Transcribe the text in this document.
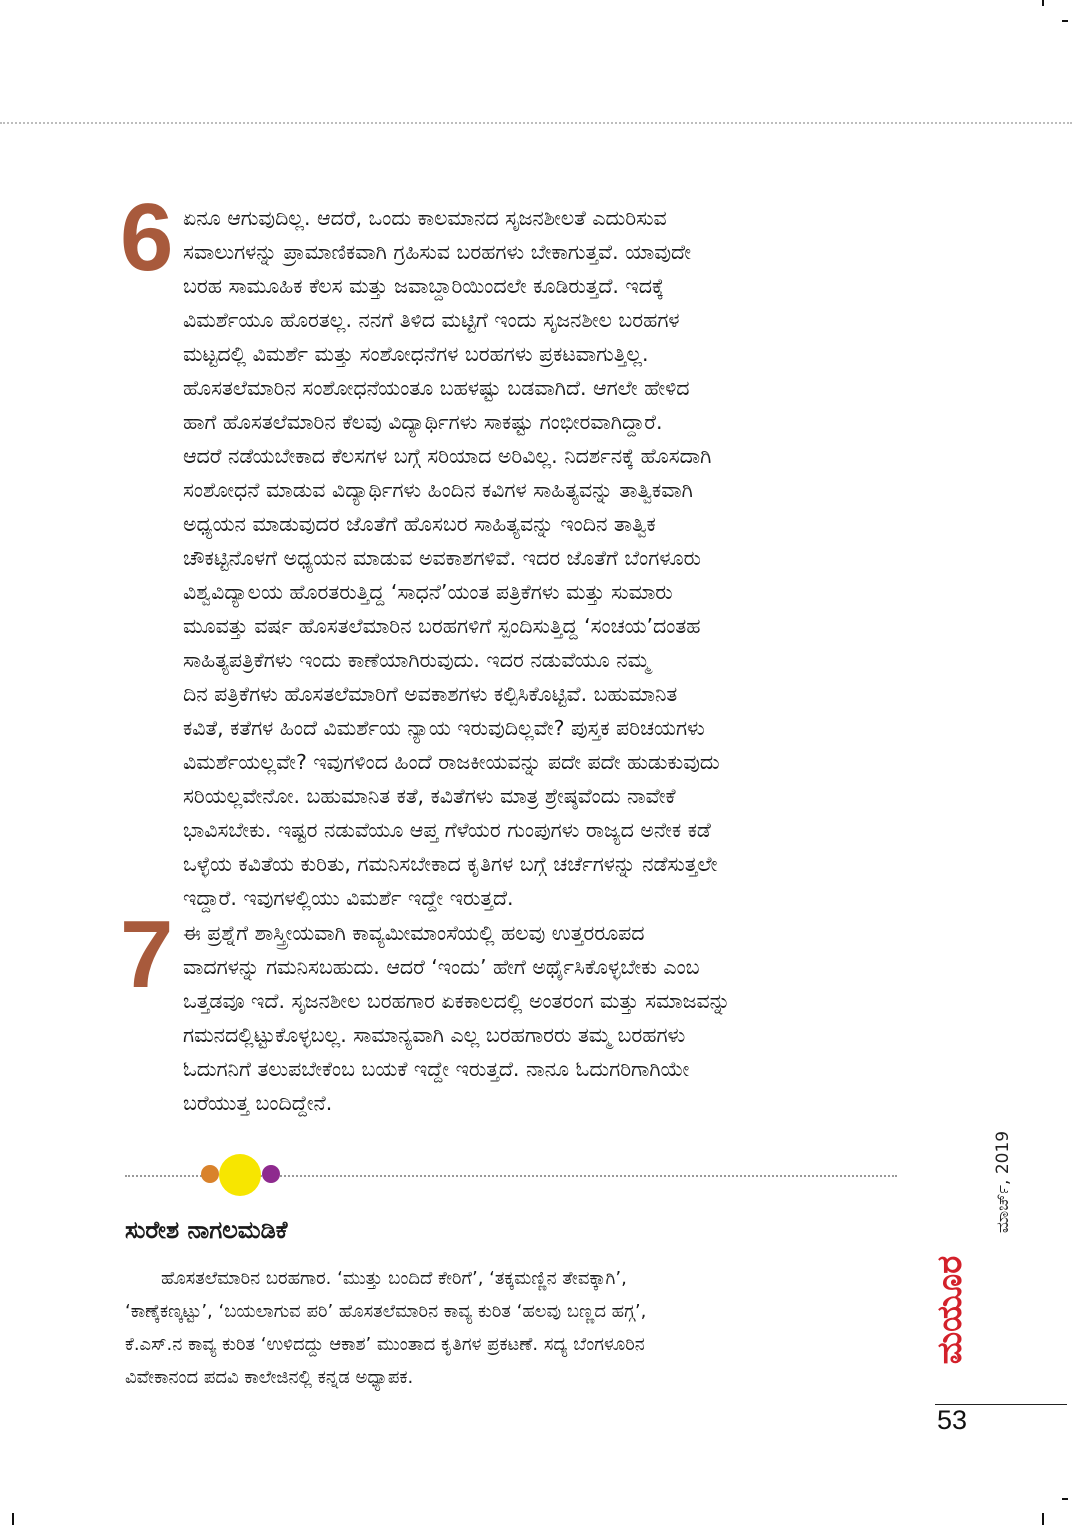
6 ಏನೂ ಆಗುವುದಿಲ್ಲ. ಆದರೆ, ಒಂದು ಕಾಲಮಾನದ ಸೃಜನಶೀಲತೆ ಎದುರಿಸುವ

ಸವಾಲುಗಳನ್ನು ಪ್ರಾಮಾಣಿಕವಾಗಿ ಗ್ರಹಿಸುವ ಬರಹಗಳು ಬೇಕಾಗುತ್ತವೆ. ಯಾವುದೇ

ಬರಹ ಸಾಮೂಹಿಕ ಕೆಲಸ ಮತ್ತು ಜವಾಬ್ದಾರಿಯಿಂದಲೇ ಕೂಡಿರುತ್ತದೆ. ಇದಕ್ಕೆ

ವಿಮರ್ಶೆಯೂ ಹೊರತಲ್ಲ. ನನಗೆ ತಿಳಿದ ಮಟ್ಟಿಗೆ ಇಂದು ಸೃಜನಶೀಲ ಬರಹಗಳ

ಮಟ್ಟದಲ್ಲಿ ವಿಮರ್ಶೆ ಮತ್ತು ಸಂಶೋಧನೆಗಳ ಬರಹಗಳು ಪ್ರಕಟವಾಗುತ್ತಿಲ್ಲ.

ಹೊಸತಲೆಮಾರಿನ ಸಂಶೋಧನೆಯಂತೂ ಬಹಳಷ್ಟು ಬಡವಾಗಿದೆ. ಆಗಲೇ ಹೇಳಿದ

ಹಾಗೆ ಹೊಸತಲೆಮಾರಿನ ಕೆಲವು ವಿದ್ಯಾರ್ಥಿಗಳು ಸಾಕಷ್ಟು ಗಂಭೀರವಾಗಿದ್ದಾರೆ.

ಆದರೆ ನಡೆಯಬೇಕಾದ ಕೆಲಸಗಳ ಬಗ್ಗೆ ಸರಿಯಾದ ಅರಿವಿಲ್ಲ. ನಿದರ್ಶನಕ್ಕೆ ಹೊಸದಾಗಿ

ಸಂಶೋಧನೆ ಮಾಡುವ ವಿದ್ಯಾರ್ಥಿಗಳು ಹಿಂದಿನ ಕವಿಗಳ ಸಾಹಿತ್ಯವನ್ನು ತಾತ್ವಿಕವಾಗಿ

ಅಧ್ಯಯನ ಮಾಡುವುದರ ಜೊತೆಗೆ ಹೊಸಬರ ಸಾಹಿತ್ಯವನ್ನು ಇಂದಿನ ತಾತ್ವಿಕ

ಚೌಕಟ್ಟಿನೊಳಗೆ ಅಧ್ಯಯನ ಮಾಡುವ ಅವಕಾಶಗಳಿವೆ. ಇದರ ಜೊತೆಗೆ ಬೆಂಗಳೂರು

ವಿಶ್ವವಿದ್ಯಾಲಯ ಹೊರತರುತ್ತಿದ್ದ ‘ಸಾಧನೆ’ಯಂತ ಪತ್ರಿಕೆಗಳು ಮತ್ತು ಸುಮಾರು

ಮೂವತ್ತು ವರ್ಷ ಹೊಸತಲೆಮಾರಿನ ಬರಹಗಳಿಗೆ ಸ್ಪಂದಿಸುತ್ತಿದ್ದ ‘ಸಂಚಯ’ದಂತಹ

ಸಾಹಿತ್ಯಪತ್ರಿಕೆಗಳು ಇಂದು ಕಾಣೆಯಾಗಿರುವುದು. ಇದರ ನಡುವೆಯೂ ನಮ್ಮ

ದಿನ ಪತ್ರಿಕೆಗಳು ಹೊಸತಲೆಮಾರಿಗೆ ಅವಕಾಶಗಳು ಕಲ್ಪಿಸಿಕೊಟ್ಟಿವೆ. ಬಹುಮಾನಿತ

ಕವಿತೆ, ಕತೆಗಳ ಹಿಂದೆ ವಿಮರ್ಶೆಯ ನ್ಯಾಯ ಇರುವುದಿಲ್ಲವೇ? ಪುಸ್ತಕ ಪರಿಚಯಗಳು

ವಿಮರ್ಶೆಯಲ್ಲವೇ? ಇವುಗಳಿಂದ ಹಿಂದೆ ರಾಜಕೀಯವನ್ನು ಪದೇ ಪದೇ ಹುಡುಕುವುದು

ಸರಿಯಲ್ಲವೇನೋ. ಬಹುಮಾನಿತ ಕತೆ, ಕವಿತೆಗಳು ಮಾತ್ರ ಶ್ರೇಷ್ಠವೆಂದು ನಾವೇಕೆ

ಭಾವಿಸಬೇಕು. ಇಷ್ಟರ ನಡುವೆಯೂ ಆಪ್ತ ಗೆಳೆಯರ ಗುಂಪುಗಳು ರಾಜ್ಯದ ಅನೇಕ ಕಡೆ

ಒಳ್ಳೆಯ ಕವಿತೆಯ ಕುರಿತು, ಗಮನಿಸಬೇಕಾದ ಕೃತಿಗಳ ಬಗ್ಗೆ ಚರ್ಚೆಗಳನ್ನು ನಡೆಸುತ್ತಲೇ

ಇದ್ದಾರೆ. ಇವುಗಳಲ್ಲಿಯು ವಿಮರ್ಶೆ ಇದ್ದೇ ಇರುತ್ತದೆ.

7 ಈ ಪ್ರಶ್ನೆಗೆ ಶಾಸ್ತ್ರೀಯವಾಗಿ ಕಾವ್ಯಮೀಮಾಂಸೆಯಲ್ಲಿ ಹಲವು ಉತ್ತರರೂಪದ

ವಾದಗಳನ್ನು ಗಮನಿಸಬಹುದು. ಆದರೆ ‘ಇಂದು’ ಹೇಗೆ ಅರ್ಥೈಸಿಕೊಳ್ಳಬೇಕು ಎಂಬ

ಒತ್ತಡವೂ ಇದೆ. ಸೃಜನಶೀಲ ಬರಹಗಾರ ಏಕಕಾಲದಲ್ಲಿ ಅಂತರಂಗ ಮತ್ತು ಸಮಾಜವನ್ನು

ಗಮನದಲ್ಲಿಟ್ಟುಕೊಳ್ಳಬಲ್ಲ. ಸಾಮಾನ್ಯವಾಗಿ ಎಲ್ಲ ಬರಹಗಾರರು ತಮ್ಮ ಬರಹಗಳು

ಓದುಗನಿಗೆ ತಲುಪಬೇಕೆಂಬ ಬಯಕೆ ಇದ್ದೇ ಇರುತ್ತದೆ. ನಾನೂ ಓದುಗರಿಗಾಗಿಯೇ

ಬರೆಯುತ್ತ ಬಂದಿದ್ದೇನೆ.

ಸುರೇಶ ನಾಗಲಮಡಿಕೆ

ಹೊಸತಲೆಮಾರಿನ ಬರಹಗಾರ. ‘ಮುತ್ತು ಬಂದಿದೆ ಕೇರಿಗೆ’, ‘ತಕ್ಕಮಣ್ಣಿನ ತೇವಕ್ಕಾಗಿ’,

‘ಕಾಣ್ಕೆಕಣ್ಕಟ್ಟು’, ‘ಬಯಲಾಗುವ ಪರಿ’ ಹೊಸತಲೆಮಾರಿನ ಕಾವ್ಯ ಕುರಿತ ‘ಹಲವು ಬಣ್ಣದ ಹಗ್ಗ’,

ಕೆ.ಎಸ್.ನ ಕಾವ್ಯ ಕುರಿತ ‘ಉಳಿದದ್ದು ಆಕಾಶ’ ಮುಂತಾದ ಕೃತಿಗಳ ಪ್ರಕಟಣೆ. ಸದ್ಯ ಬೆಂಗಳೂರಿನ

ವಿವೇಕಾನಂದ ಪದವಿ ಕಾಲೇಜಿನಲ್ಲಿ ಕನ್ನಡ ಅಧ್ಯಾಪಕ.

ಮಾರ್ಚ್, 2019
ಮಯೂರ
53
